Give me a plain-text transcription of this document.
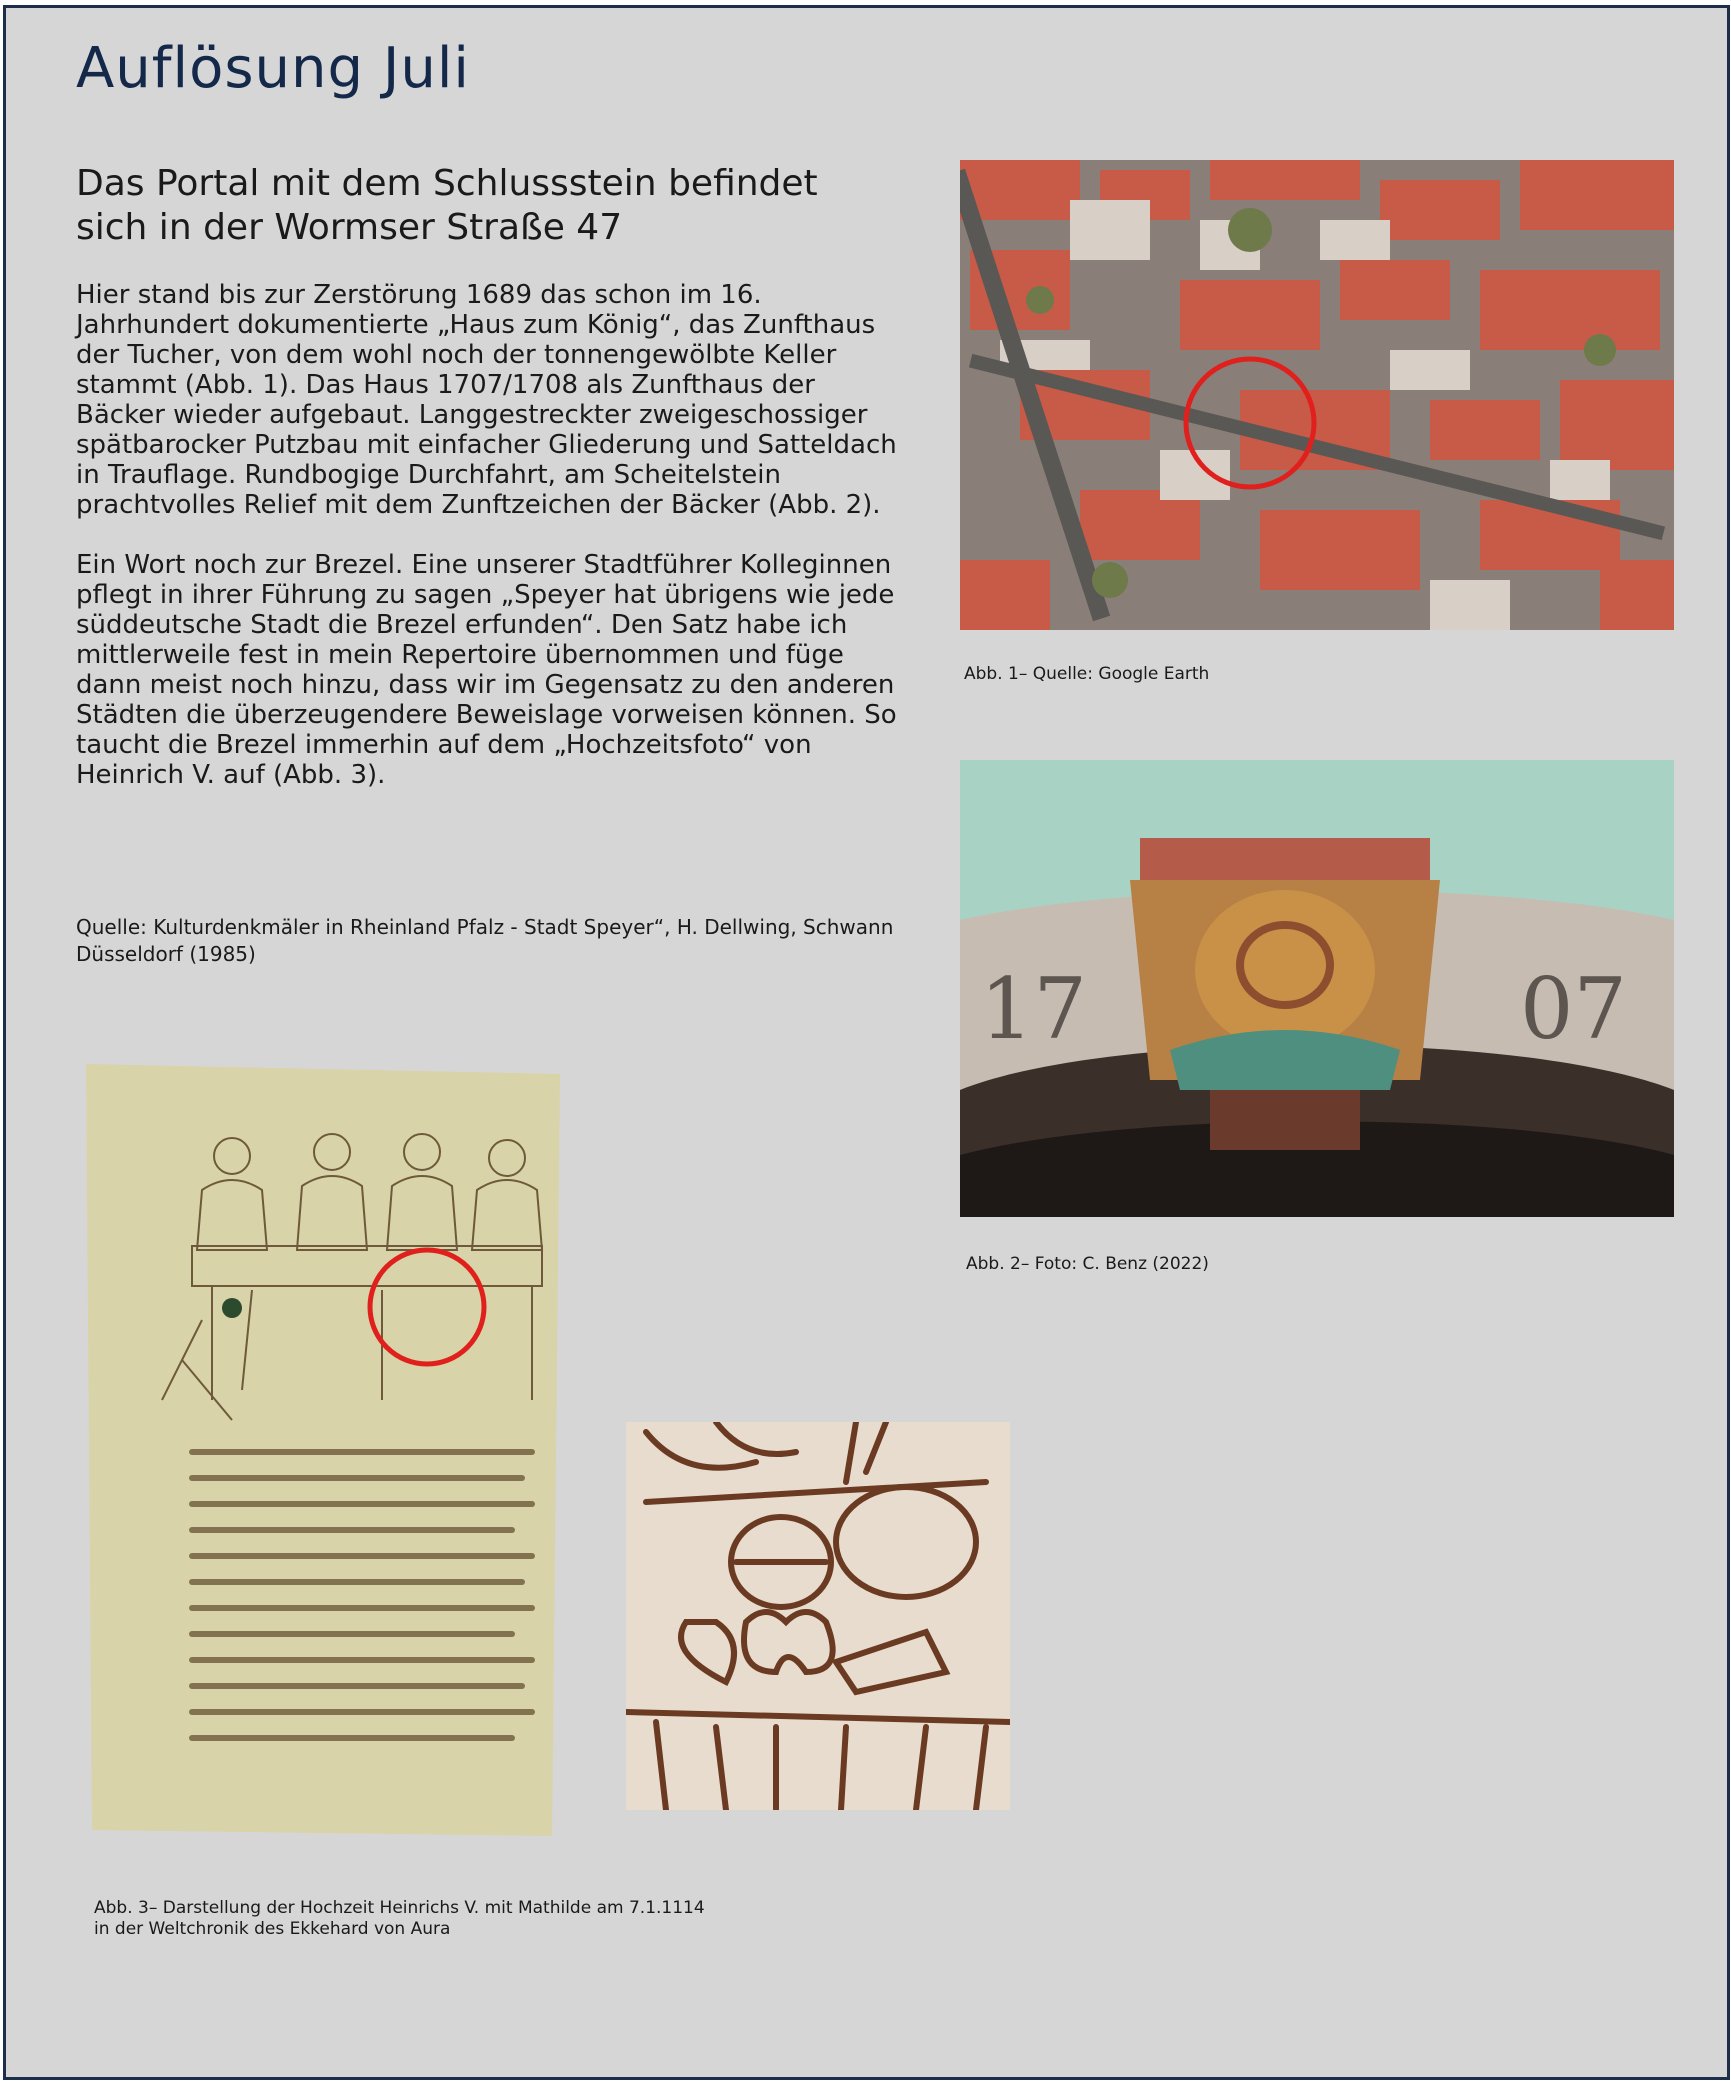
Auflösung Juli
Das Portal mit dem Schlussstein befindet sich in der Wormser Straße 47

Hier stand bis zur Zerstörung 1689 das schon im 16. Jahrhundert dokumentierte „Haus zum König“, das Zunfthaus der Tucher, von dem wohl noch der tonnengewölbte Keller stammt (Abb. 1). Das Haus 1707/1708 als Zunfthaus der Bäcker wieder aufgebaut. Langgestreckter zweigeschossiger spätbarocker Putzbau mit einfacher Gliederung und Satteldach in Trauflage. Rundbogige Durchfahrt, am Scheitelstein prachtvolles Relief mit dem Zunftzeichen der Bäcker (Abb. 2).

Ein Wort noch zur Brezel. Eine unserer Stadtführer Kolleginnen pflegt in ihrer Führung zu sagen „Speyer hat übrigens wie jede süddeutsche Stadt die Brezel erfunden“. Den Satz habe ich mittlerweile fest in mein Repertoire übernommen und füge dann meist noch hinzu, dass wir im Gegensatz zu den anderen Städten die überzeugendere Beweislage vorweisen können. So taucht die Brezel immerhin auf dem „Hochzeitsfoto“ von Heinrich V. auf (Abb. 3).

Quelle: Kulturdenkmäler in Rheinland Pfalz - Stadt Speyer“, H. Dellwing, Schwann Düsseldorf (1985)

Abb. 1– Quelle: Google Earth

17	07

Abb. 2– Foto: C. Benz (2022)

Abb. 3– Darstellung der Hochzeit Heinrichs V. mit Mathilde am 7.1.1114 in der Weltchronik des Ekkehard von Aura
